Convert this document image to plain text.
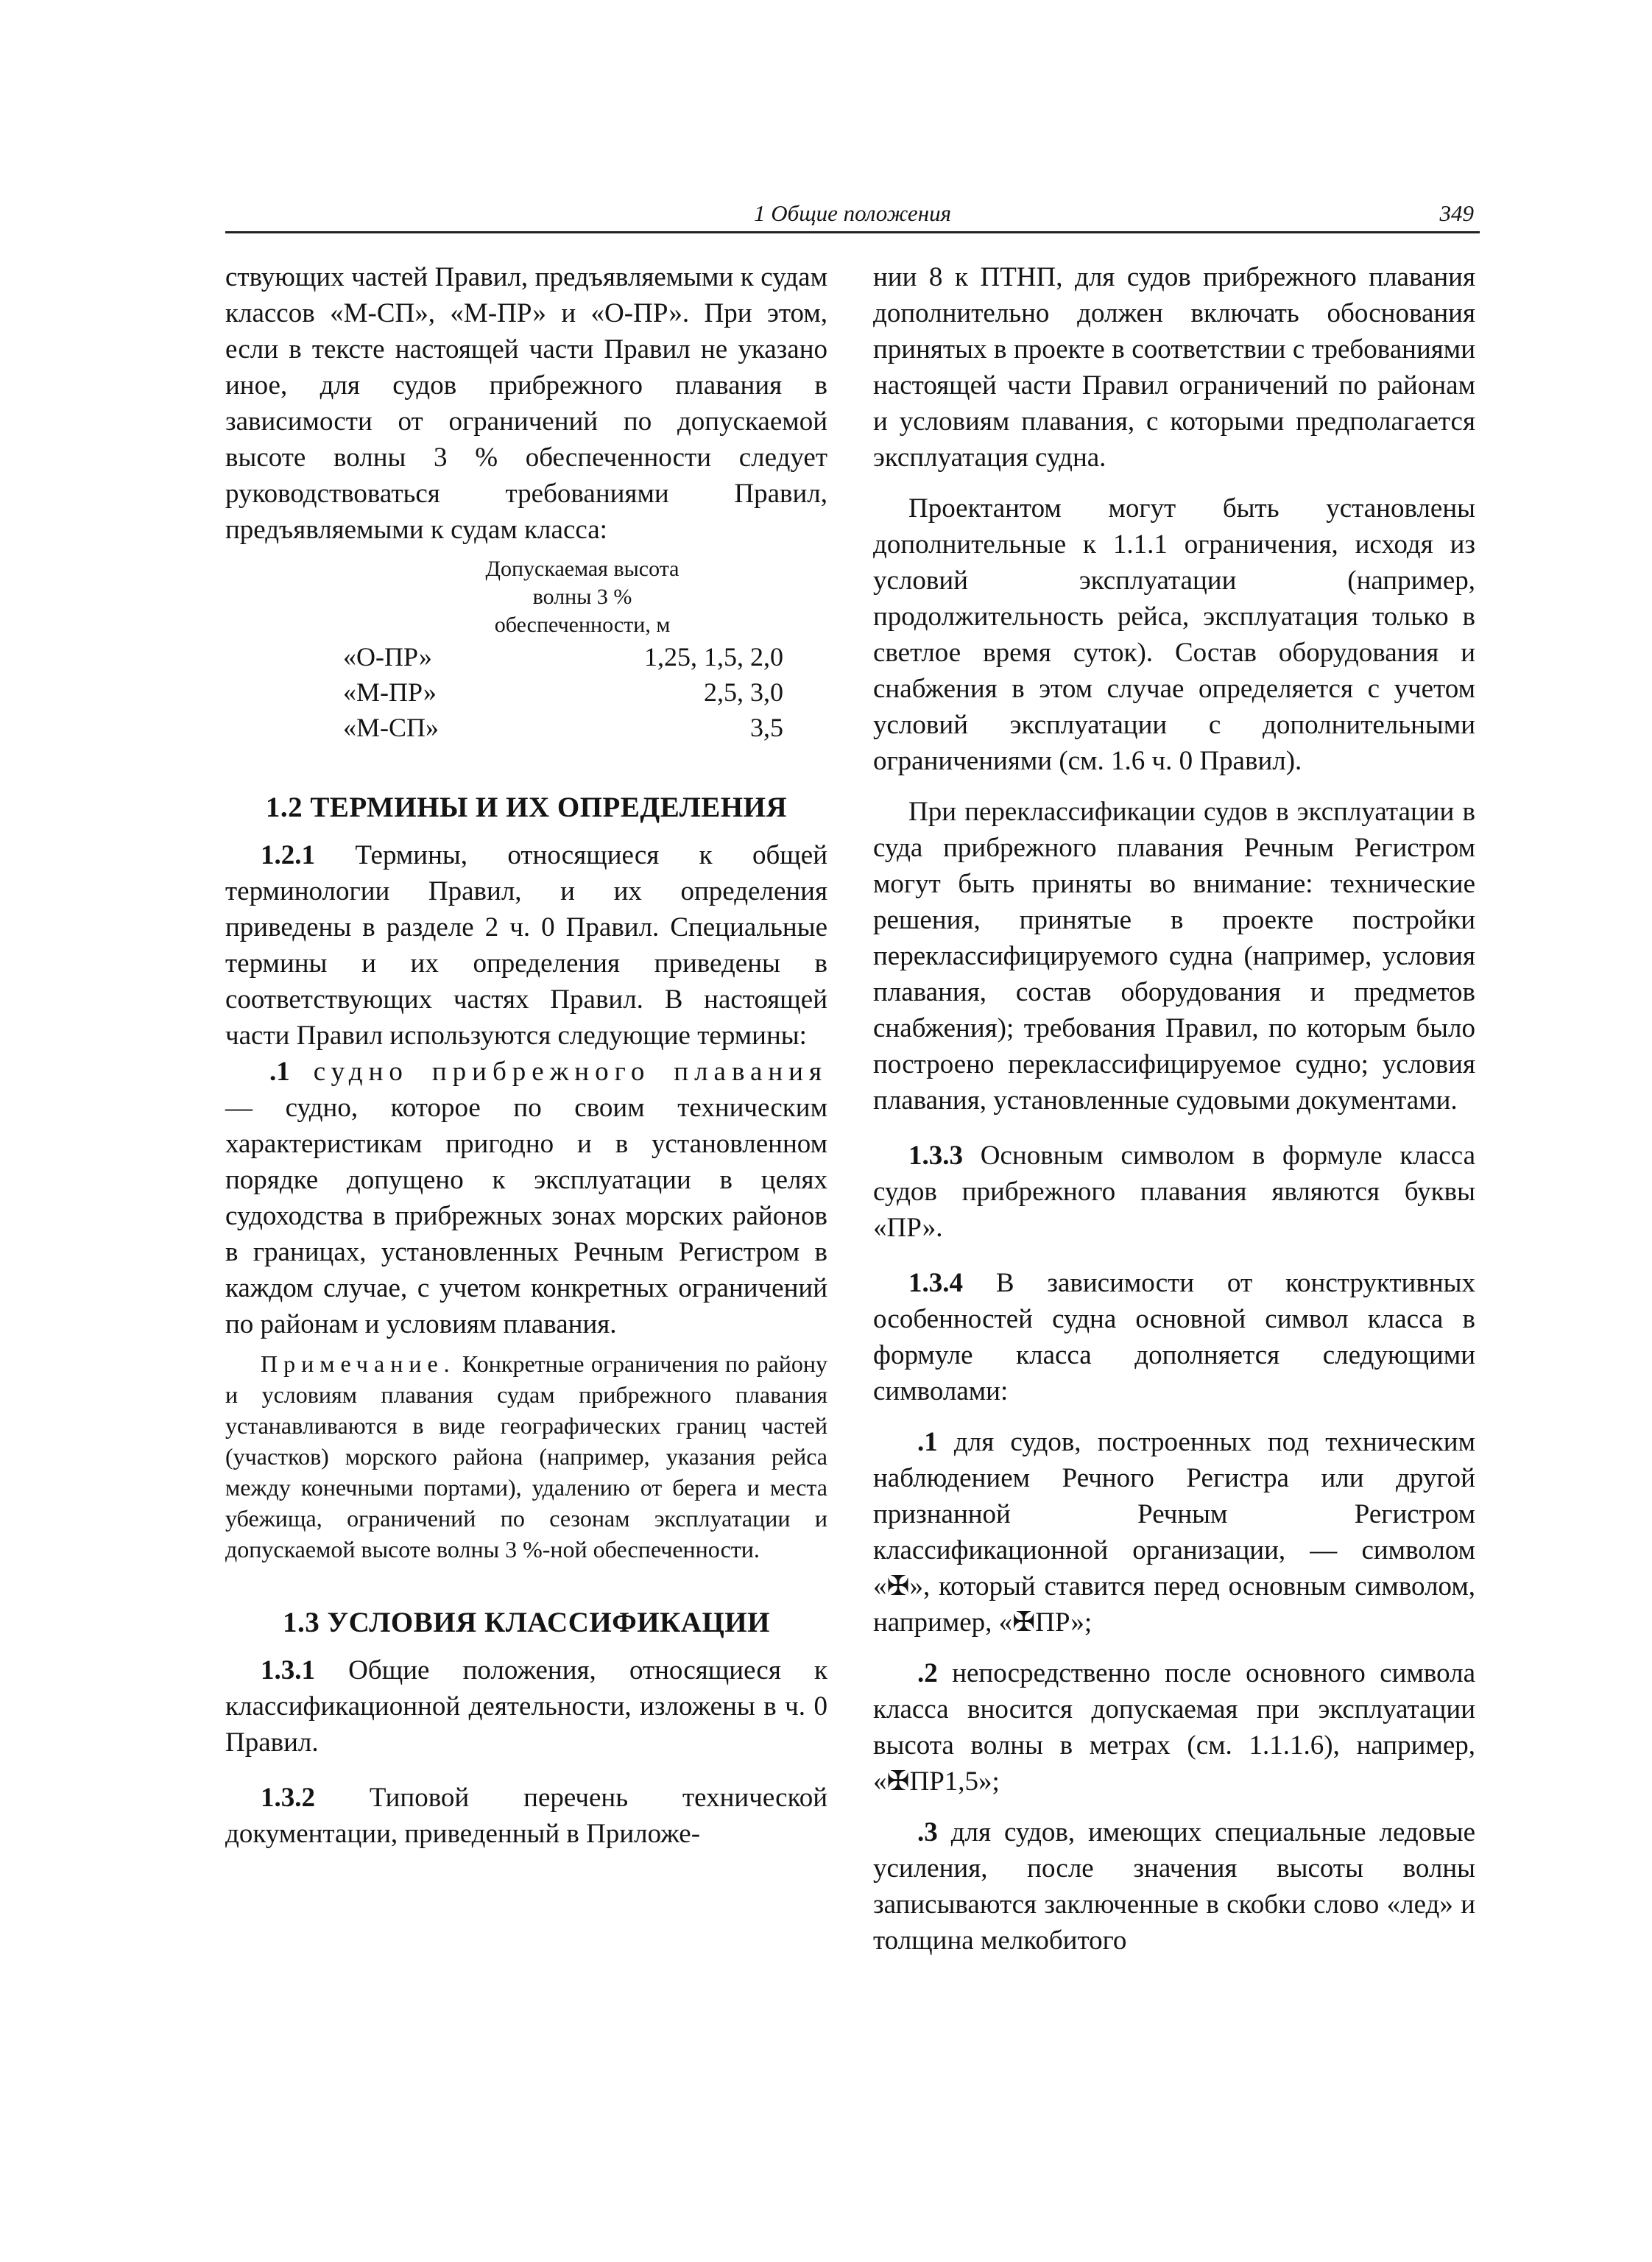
1 Общие положения	349

ствующих частей Правил, предъявляемыми к судам классов «М-СП», «М-ПР» и «О-ПР». При этом, если в тексте настоящей части Правил не указано иное, для судов прибрежного плавания в зависимости от ограничений по допускаемой высоте волны 3 % обеспеченности следует руководствоваться требованиями Правил, предъявляемыми к судам класса:

Допускаемая высота волны 3 % обеспеченности, м
«О-ПР»	1,25, 1,5, 2,0
«М-ПР»	2,5, 3,0
«М-СП»	3,5
1.2 ТЕРМИНЫ И ИХ ОПРЕДЕЛЕНИЯ

1.2.1 Термины, относящиеся к общей терминологии Правил, и их определения приведены в разделе 2 ч. 0 Правил. Специальные термины и их определения приведены в соответствующих частях Правил. В настоящей части Правил используются следующие термины:

.1 судно прибрежного плавания — судно, которое по своим техническим характеристикам пригодно и в установленном порядке допущено к эксплуатации в целях судоходства в прибрежных зонах морских районов в границах, установленных Речным Регистром в каждом случае, с учетом конкретных ограничений по районам и условиям плавания.

Примечание. Конкретные ограничения по району и условиям плавания судам прибрежного плавания устанавливаются в виде географических границ частей (участков) морского района (например, указания рейса между конечными портами), удалению от берега и места убежища, ограничений по сезонам эксплуатации и допускаемой высоте волны 3 %-ной обеспеченности.

1.3 УСЛОВИЯ КЛАССИФИКАЦИИ

1.3.1 Общие положения, относящиеся к классификационной деятельности, изложены в ч. 0 Правил.

1.3.2 Типовой перечень технической документации, приведенный в Приложе-

нии 8 к ПТНП, для судов прибрежного плавания дополнительно должен включать обоснования принятых в проекте в соответствии с требованиями настоящей части Правил ограничений по районам и условиям плавания, с которыми предполагается эксплуатация судна.

Проектантом могут быть установлены дополнительные к 1.1.1 ограничения, исходя из условий эксплуатации (например, продолжительность рейса, эксплуатация только в светлое время суток). Состав оборудования и снабжения в этом случае определяется с учетом условий эксплуатации с дополнительными ограничениями (см. 1.6 ч. 0 Правил).

При переклассификации судов в эксплуатации в суда прибрежного плавания Речным Регистром могут быть приняты во внимание: технические решения, принятые в проекте постройки переклассифицируемого судна (например, условия плавания, состав оборудования и предметов снабжения); требования Правил, по которым было построено переклассифицируемое судно; условия плавания, установленные судовыми документами.

1.3.3 Основным символом в формуле класса судов прибрежного плавания являются буквы «ПР».

1.3.4 В зависимости от конструктивных особенностей судна основной символ класса в формуле класса дополняется следующими символами:

.1 для судов, построенных под техническим наблюдением Речного Регистра или другой признанной Речным Регистром классификационной организации, — символом «✠», который ставится перед основным символом, например, «✠ПР»;

.2 непосредственно после основного символа класса вносится допускаемая при эксплуатации высота волны в метрах (см. 1.1.1.6), например, «✠ПР1,5»;

.3 для судов, имеющих специальные ледовые усиления, после значения высоты волны записываются заключенные в скобки слово «лед» и толщина мелкобитого
